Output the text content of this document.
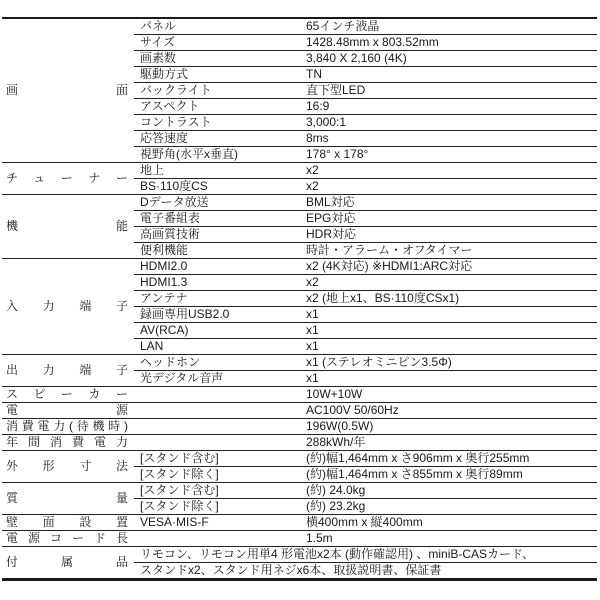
画面	パネル	65インチ液晶
	サイズ	1428.48mm x 803.52mm
	画素数	3,840 X 2,160 (4K)
	駆動方式	TN
	バックライト	直下型LED
	アスペクト	16:9
	コントラスト	3,000:1
	応答速度	8ms
	視野角(水平x垂直)	178° x 178°
チューナー	地上	x2
	BS·110度CS	x2
機能	Dデータ放送	BML対応
	電子番組表	EPG対応
	高画質技術	HDR対応
	便利機能	時計・アラーム・オフタイマー
入力端子	HDMI2.0	x2 (4K対応) ※HDMI1:ARC対応
	HDMI1.3	x2
	アンテナ	x2 (地上x1、BS·110度CSx1)
	録画専用USB2.0	x1
	AV(RCA)	x1
	LAN	x1
出力端子	ヘッドホン	x1 (ステレオミニピン3.5Φ)
	光デジタル音声	x1
スピーカー		10W+10W
電源		AC100V 50/60Hz
消費電力(待機時)		196W(0.5W)
年間消費電力		288kWh/年
外形寸法	[スタンド含む]	(約)幅1,464mm x さ906mm x 奥行255mm
	[スタンド除く]	(約)幅1,464mm x さ855mm x 奥行89mm
質量	[スタンド含む]	(約) 24.0kg
	[スタンド除く]	(約) 23.2kg
壁面設置	VESA·MIS-F	横400mm x 縦400mm
電源コード長		1.5m
付属品	リモコン、リモコン用単4 形電池x2本 (動作確認用) 、miniB-CASカード、	
	スタンドx2、スタンド用ネジx6本、取扱説明書、保証書	
